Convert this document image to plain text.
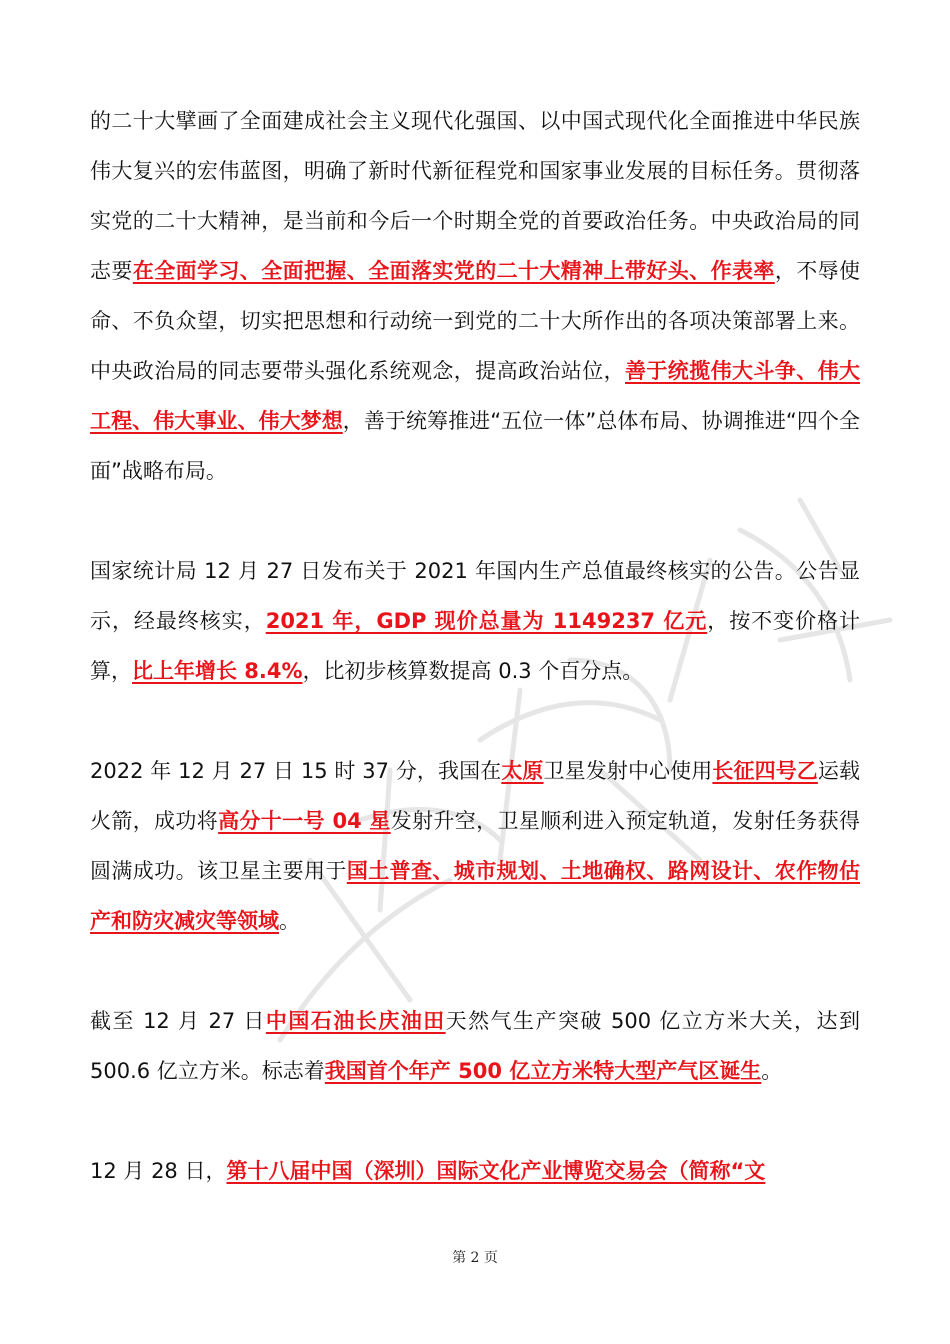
的二十大擘画了全面建成社会主义现代化强国、以中国式现代化全面推进中华民族伟大复兴的宏伟蓝图，明确了新时代新征程党和国家事业发展的目标任务。贯彻落实党的二十大精神，是当前和今后一个时期全党的首要政治任务。中央政治局的同志要在全面学习、全面把握、全面落实党的二十大精神上带好头、作表率，不辱使命、不负众望，切实把思想和行动统一到党的二十大所作出的各项决策部署上来。中央政治局的同志要带头强化系统观念，提高政治站位，善于统揽伟大斗争、伟大工程、伟大事业、伟大梦想，善于统筹推进“五位一体”总体布局、协调推进“四个全面”战略布局。

国家统计局 12 月 27 日发布关于 2021 年国内生产总值最终核实的公告。公告显示，经最终核实，2021 年，GDP 现价总量为 1149237 亿元，按不变价格计算，比上年增长 8.4%，比初步核算数提高 0.3 个百分点。

2022 年 12 月 27 日 15 时 37 分，我国在太原卫星发射中心使用长征四号乙运载火箭，成功将高分十一号 04 星发射升空，卫星顺利进入预定轨道，发射任务获得圆满成功。该卫星主要用于国土普查、城市规划、土地确权、路网设计、农作物估产和防灾减灾等领域。

截至 12 月 27 日中国石油长庆油田天然气生产突破 500 亿立方米大关，达到 500.6 亿立方米。标志着我国首个年产 500 亿立方米特大型产气区诞生。

12 月 28 日，第十八届中国（深圳）国际文化产业博览交易会（简称“文

第 2 页
